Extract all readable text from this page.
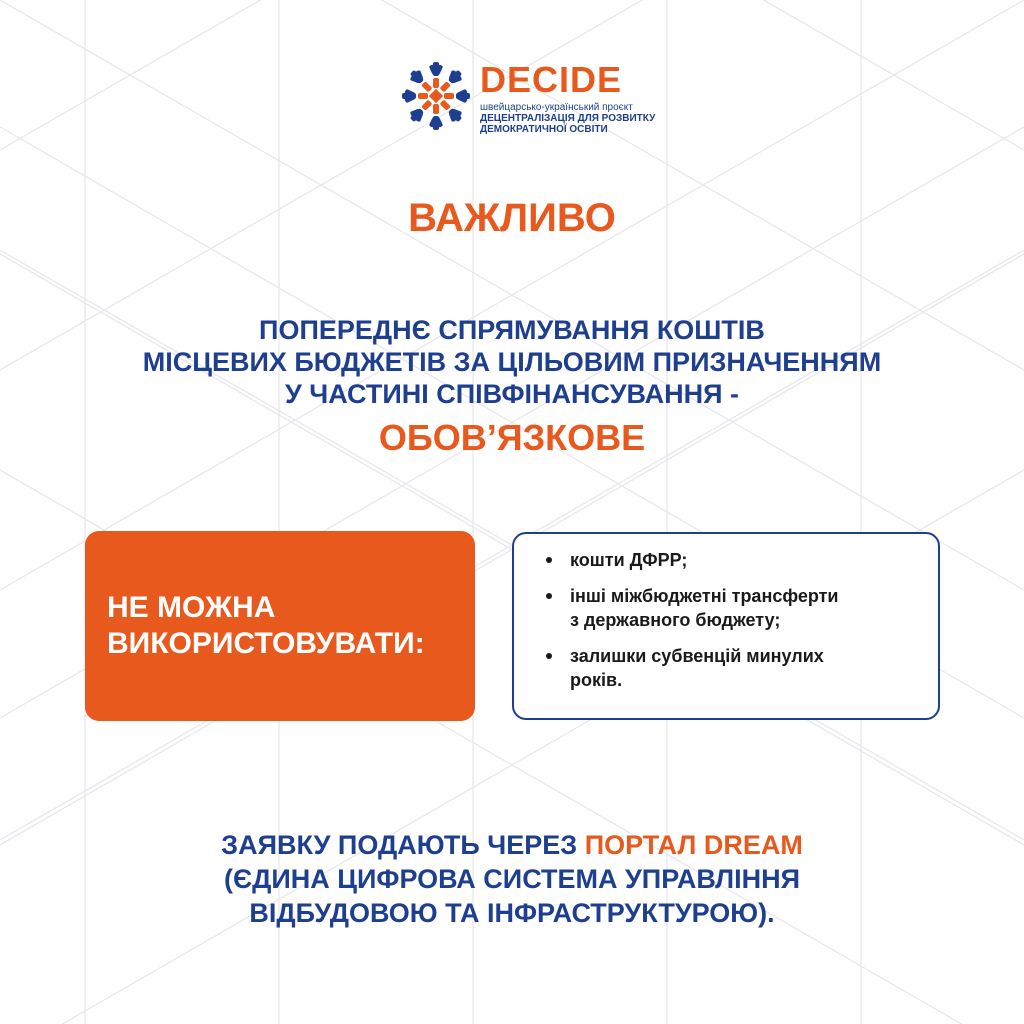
DECIDE
швейцарсько-український проєкт
ДЕЦЕНТРАЛІЗАЦІЯ ДЛЯ РОЗВИТКУ
ДЕМОКРАТИЧНОЇ ОСВІТИ
ВАЖЛИВО
ПОПЕРЕДНЄ СПРЯМУВАННЯ КОШТІВ
МІСЦЕВИХ БЮДЖЕТІВ ЗА ЦІЛЬОВИМ ПРИЗНАЧЕННЯМ
У ЧАСТИНІ СПІВФІНАНСУВАННЯ -
ОБОВ’ЯЗКОВЕ
НЕ МОЖНА
ВИКОРИСТОВУВАТИ:
кошти ДФРР;
інші міжбюджетні трансферти
з державного бюджету;
залишки субвенцій минулих
років.
ЗАЯВКУ ПОДАЮТЬ ЧЕРЕЗ ПОРТАЛ DREAM
(ЄДИНА ЦИФРОВА СИСТЕМА УПРАВЛІННЯ
ВІДБУДОВОЮ ТА ІНФРАСТРУКТУРОЮ).
